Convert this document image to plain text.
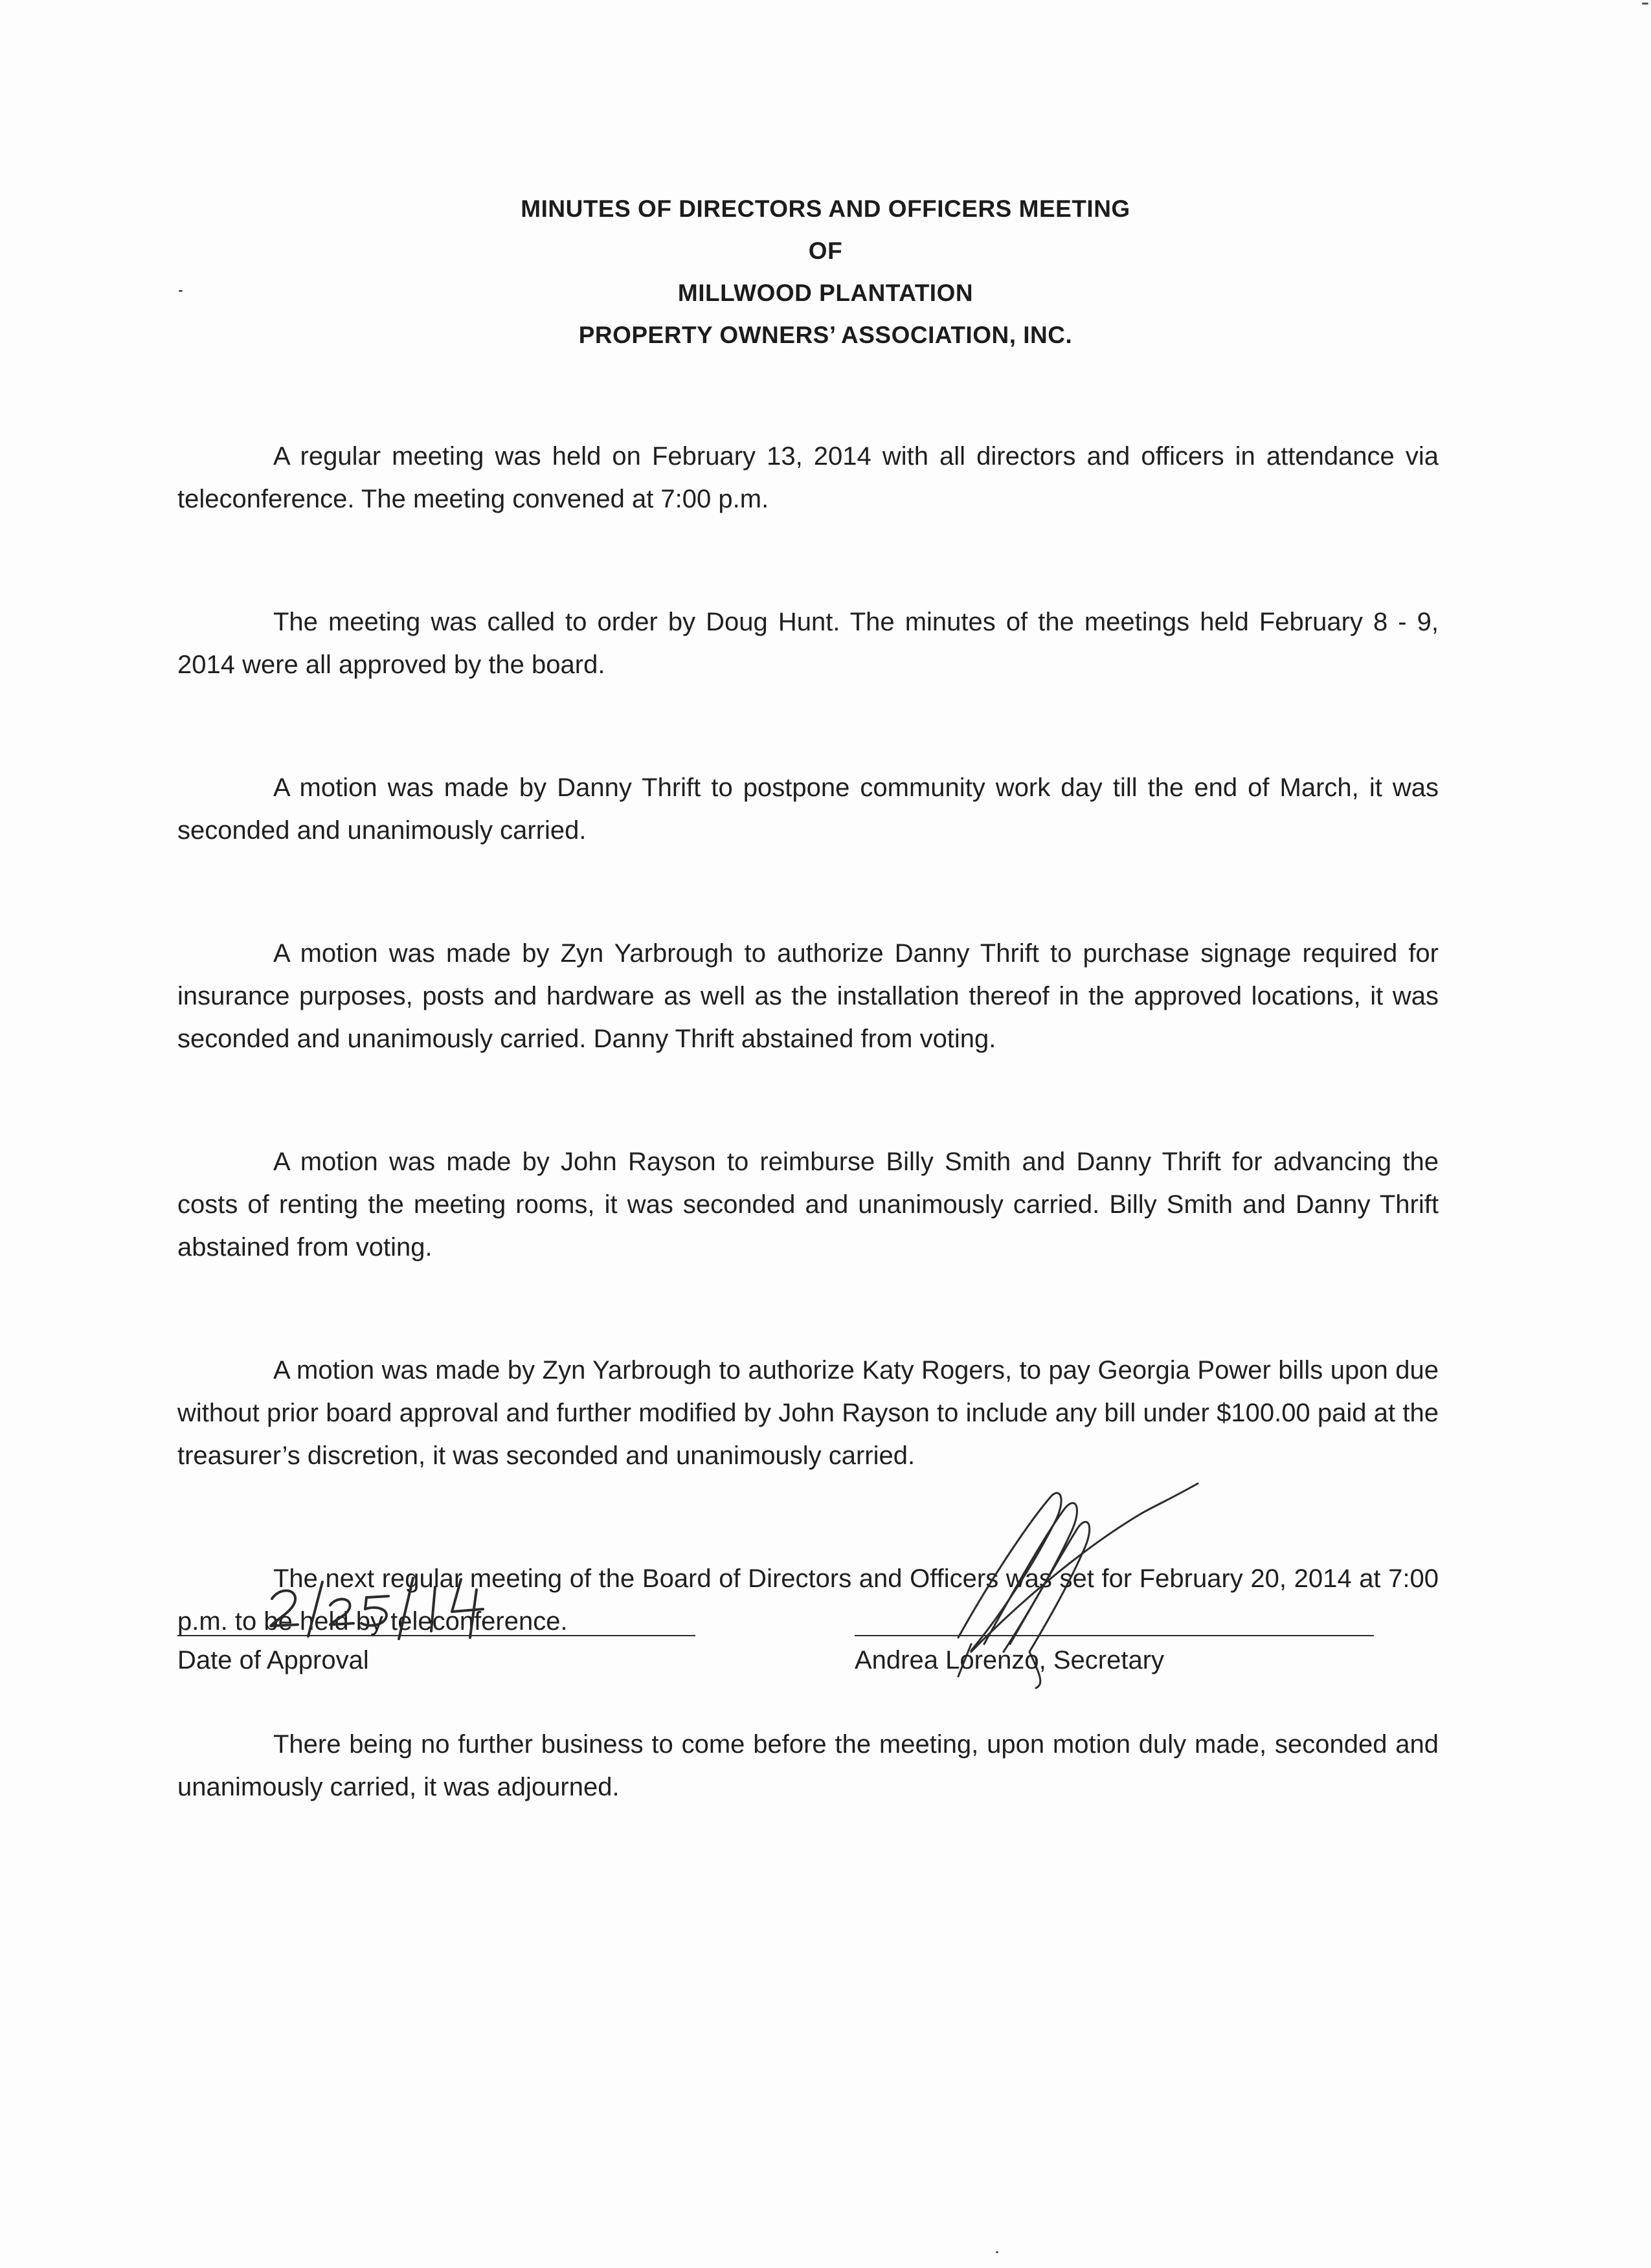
MINUTES OF DIRECTORS AND OFFICERS MEETING
OF
MILLWOOD PLANTATION
PROPERTY OWNERS’ ASSOCIATION, INC.

A regular meeting was held on February 13, 2014 with all directors and officers in attendance via teleconference. The meeting convened at 7:00 p.m.

The meeting was called to order by Doug Hunt. The minutes of the meetings held February 8 - 9, 2014 were all approved by the board.

A motion was made by Danny Thrift to postpone community work day till the end of March, it was seconded and unanimously carried.

A motion was made by Zyn Yarbrough to authorize Danny Thrift to purchase signage required for insurance purposes, posts and hardware as well as the installation thereof in the approved locations, it was seconded and unanimously carried. Danny Thrift abstained from voting.

A motion was made by John Rayson to reimburse Billy Smith and Danny Thrift for advancing the costs of renting the meeting rooms, it was seconded and unanimously carried. Billy Smith and Danny Thrift abstained from voting.

A motion was made by Zyn Yarbrough to authorize Katy Rogers, to pay Georgia Power bills upon due without prior board approval and further modified by John Rayson to include any bill under $100.00 paid at the treasurer’s discretion, it was seconded and unanimously carried.

The next regular meeting of the Board of Directors and Officers was set for February 20, 2014 at 7:00 p.m. to be held by teleconference.

There being no further business to come before the meeting, upon motion duly made, seconded and unanimously carried, it was adjourned.

Date of Approval	Andrea Lorenzo, Secretary
